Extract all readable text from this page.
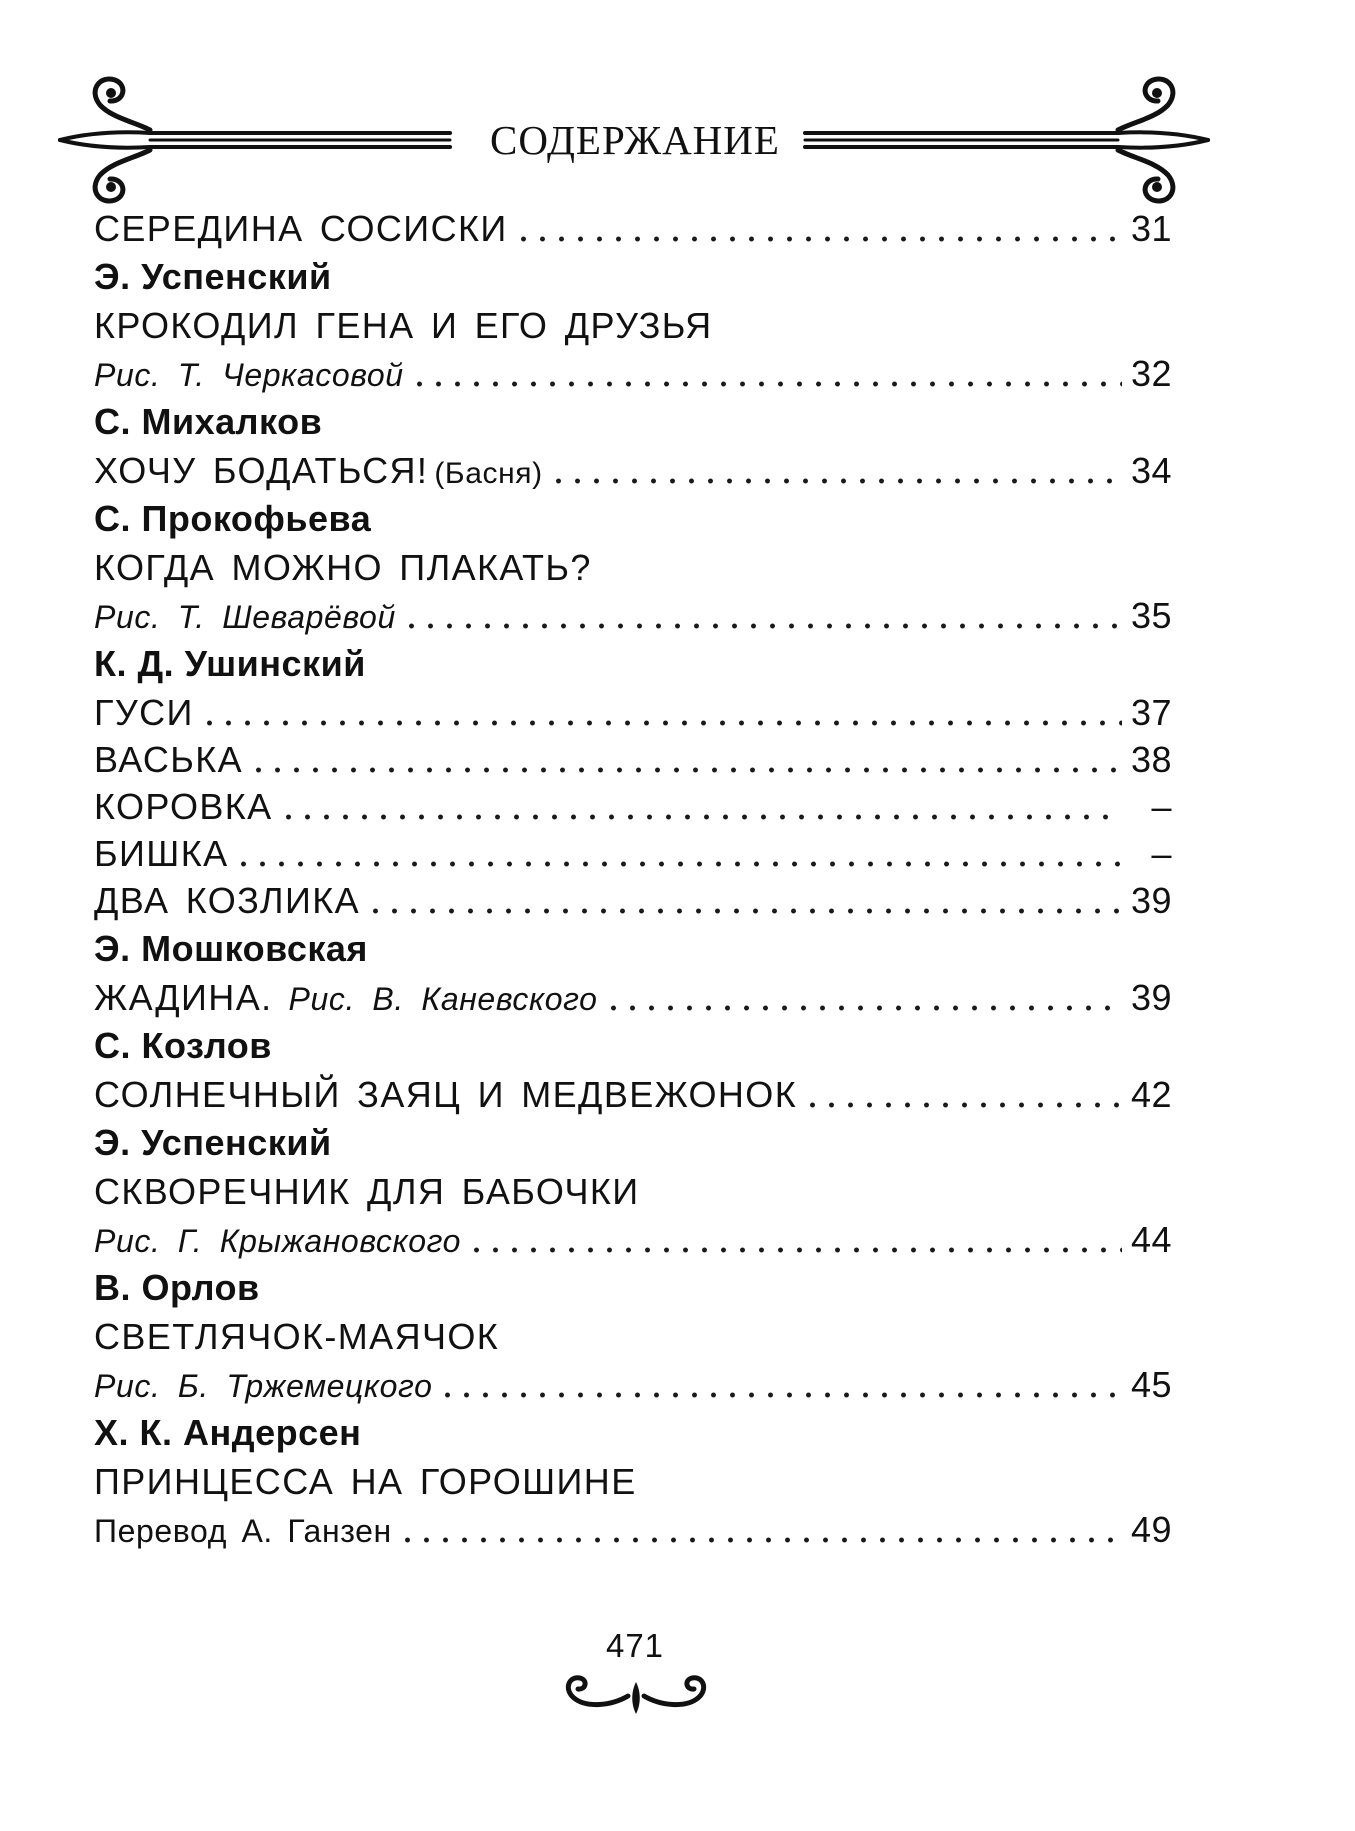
СОДЕРЖАНИЕ
СЕРЕДИНА СОСИСКИ	31
Э. Успенский
КРОКОДИЛ ГЕНА И ЕГО ДРУЗЬЯ
Рис. Т. Черкасовой	32
С. Михалков
ХОЧУ БОДАТЬСЯ! (Басня)	34
С. Прокофьева
КОГДА МОЖНО ПЛАКАТЬ?
Рис. Т. Шеварёвой	35
К. Д. Ушинский
ГУСИ	37
ВАСЬКА	38
КОРОВКА	–
БИШКА	–
ДВА КОЗЛИКА	39
Э. Мошковская
ЖАДИНА. Рис. В. Каневского	39
С. Козлов
СОЛНЕЧНЫЙ ЗАЯЦ И МЕДВЕЖОНОК	42
Э. Успенский
СКВОРЕЧНИК ДЛЯ БАБОЧКИ
Рис. Г. Крыжановского	44
В. Орлов
СВЕТЛЯЧОК-МАЯЧОК
Рис. Б. Тржемецкого	45
Х. К. Андерсен
ПРИНЦЕССА НА ГОРОШИНЕ
Перевод А. Ганзен	49
471
